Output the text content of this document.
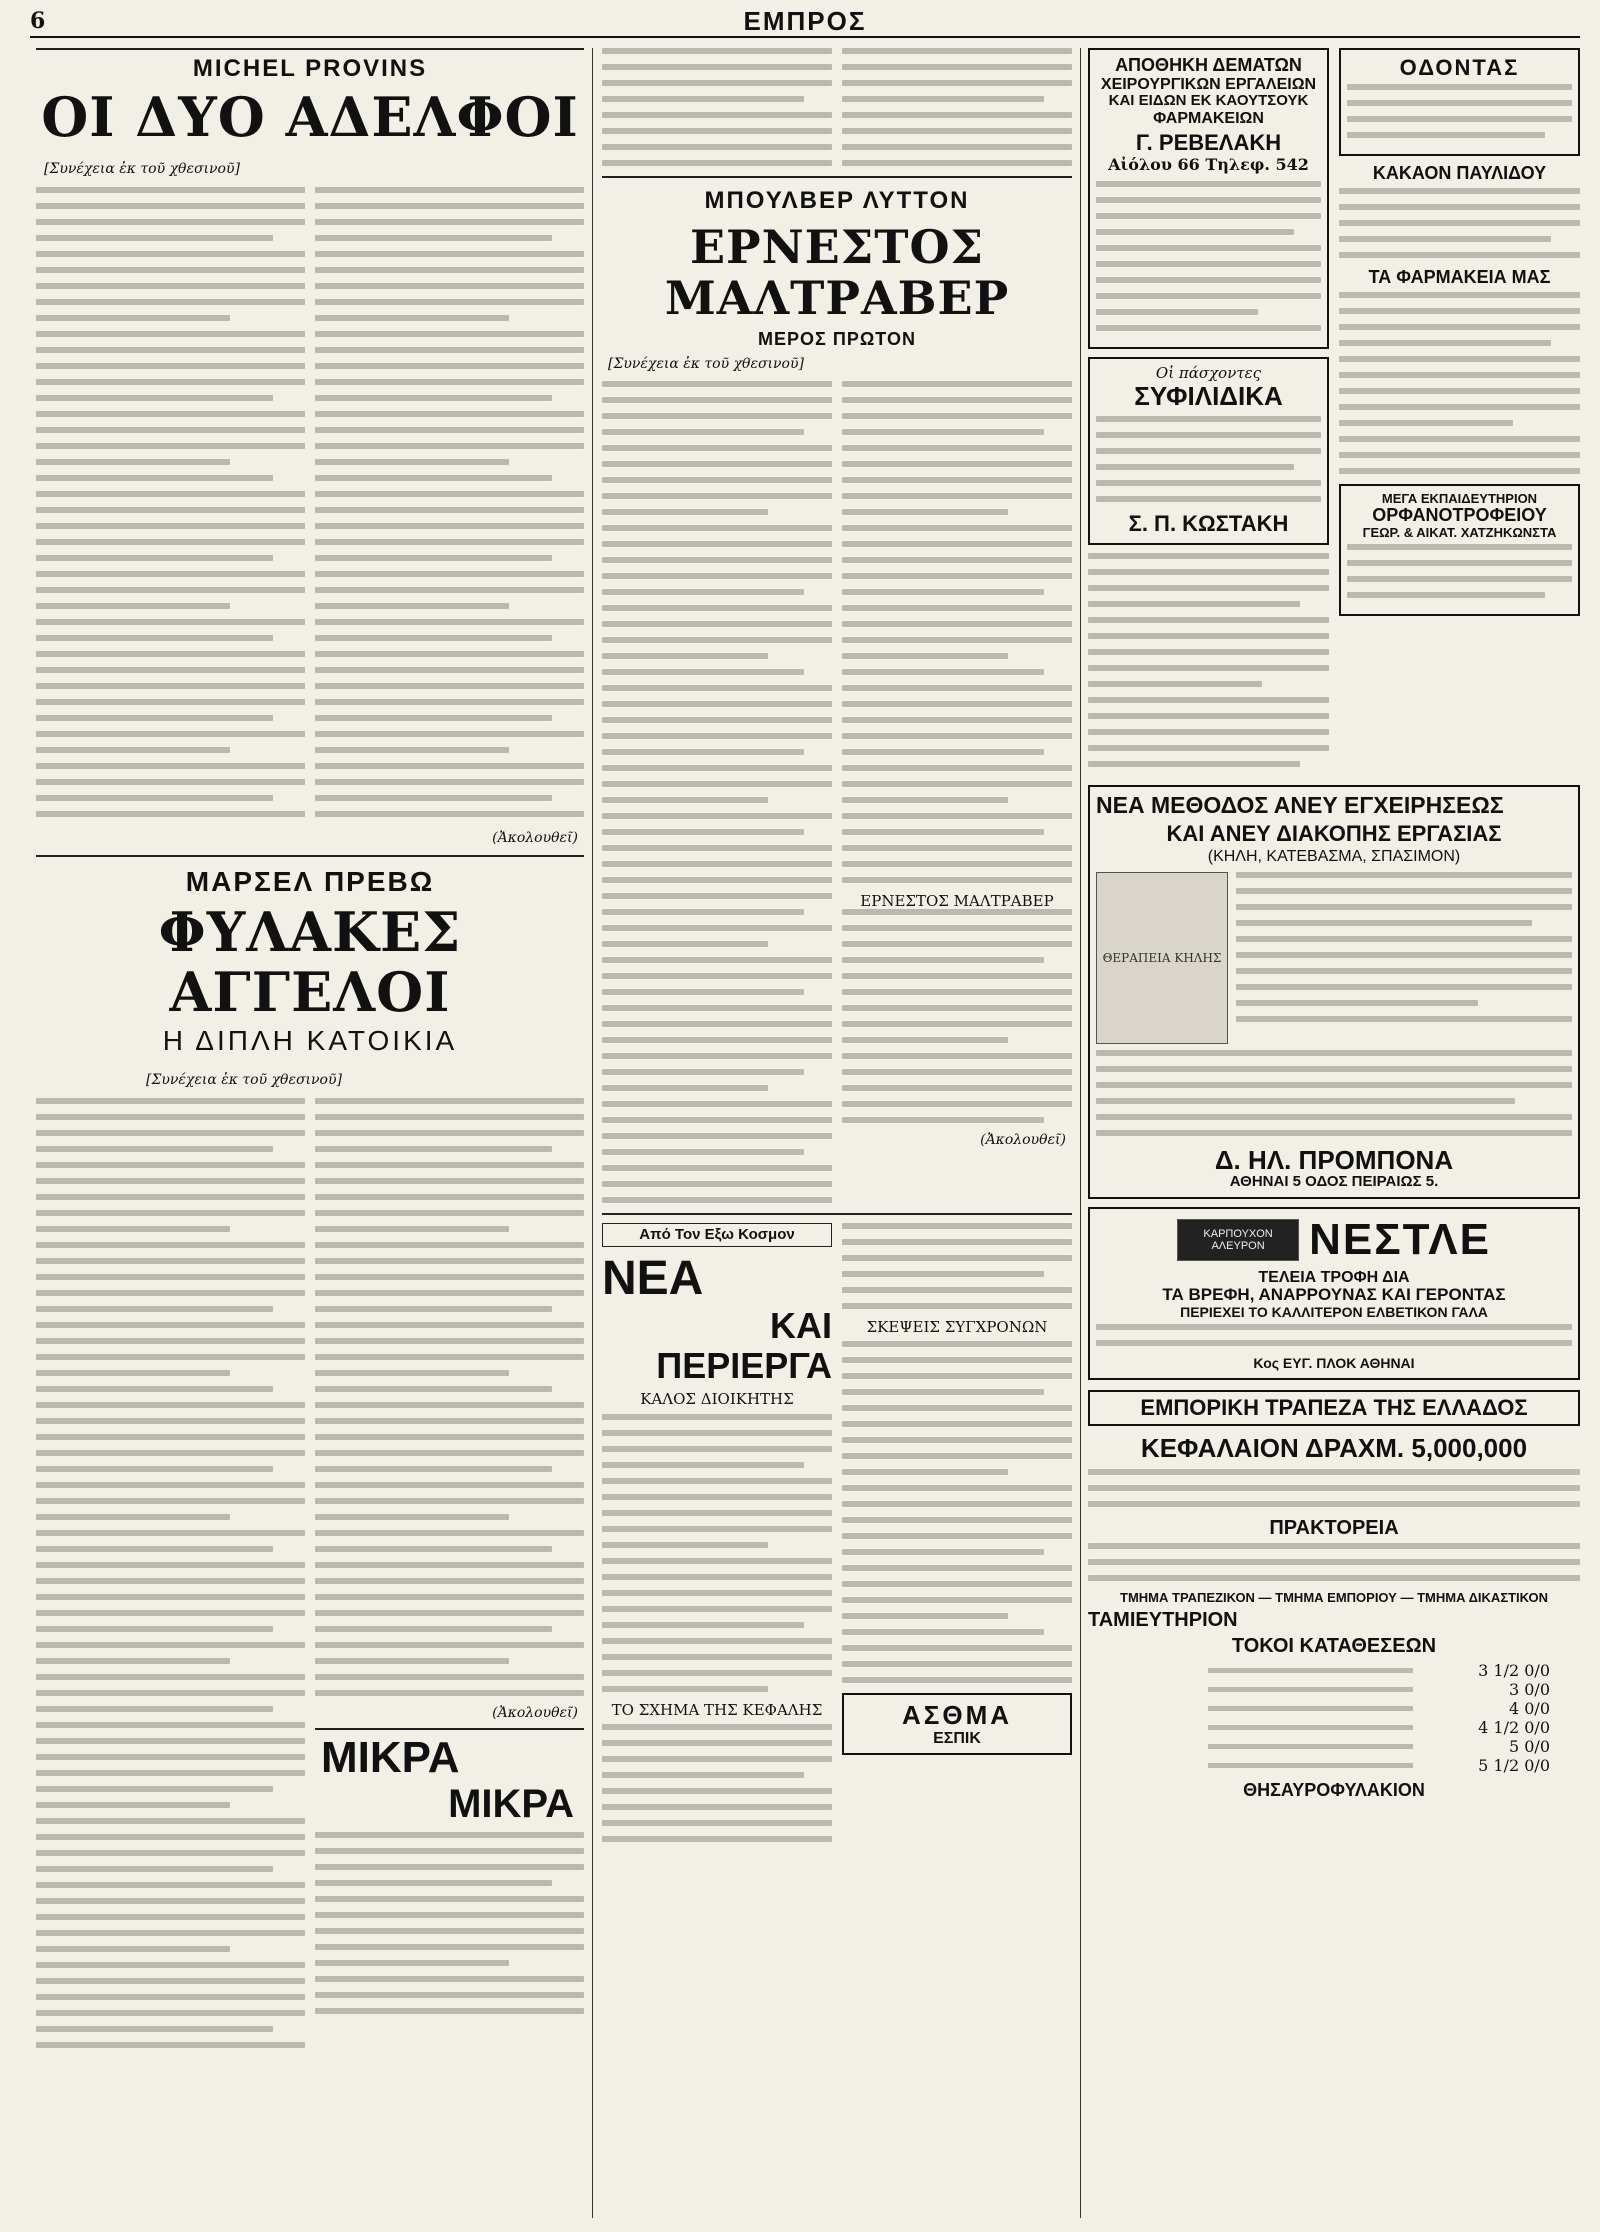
6	ΕΜΠΡΟΣ

MICHEL PROVINS

ΟΙ ΔΥΟ ΑΔΕΛΦΟΙ

[Συνέχεια ἐκ τοῦ χθεσινοῦ]

(Ἀκολουθεῖ)

ΜΑΡΣΕΛ ΠΡΕΒΩ

ΦΥΛΑΚΕΣ ΑΓΓΕΛΟΙ

Η ΔΙΠΛΗ ΚΑΤΟΙΚΙΑ

[Συνέχεια ἐκ τοῦ χθεσινοῦ]

(Ἀκολουθεῖ)

ΜΙΚΡΑ

ΜΙΚΡΑ

ΜΠΟΥΛΒΕΡ ΛΥΤΤΟΝ

ΕΡΝΕΣΤΟΣ ΜΑΛΤΡΑΒΕΡ

ΜΕΡΟΣ ΠΡΩΤΟΝ

[Συνέχεια ἐκ τοῦ χθεσινοῦ]

ΕΡΝΕΣΤΟΣ ΜΑΛΤΡΑΒΕΡ

(Ἀκολουθεῖ)

Από Τον Εξω Κοσμον

ΝΕΑ

ΚΑΙ ΠΕΡΙΕΡΓΑ

ΚΑΛΟΣ ΔΙΟΙΚΗΤΗΣ

ΤΟ ΣΧΗΜΑ ΤΗΣ ΚΕΦΑΛΗΣ

ΣΚΕΨΕΙΣ ΣΥΓΧΡΟΝΩΝ

ΑΣΘΜΑ

ΕΣΠΙΚ

ΑΠΟΘΗΚΗ ΔΕΜΑΤΩΝ

ΧΕΙΡΟΥΡΓΙΚΩΝ ΕΡΓΑΛΕΙΩΝ

ΚΑΙ ΕΙΔΩΝ ΕΚ ΚΑΟΥΤΣΟΥΚ

ΦΑΡΜΑΚΕΙΩΝ

Γ. ΡΕΒΕΛΑΚΗ

Αἰόλου 66 Τηλεφ. 542

Οἱ πάσχοντες

ΣΥΦΙΛΙΔΙΚΑ

Σ. Π. ΚΩΣΤΑΚΗ

ΟΔΟΝΤΑΣ

ΚΑΚΑΟΝ ΠΑΥΛΙΔΟΥ

ΤΑ ΦΑΡΜΑΚΕΙΑ ΜΑΣ

ΜΕΓΑ ΕΚΠΑΙΔΕΥΤΗΡΙΟΝ

ΟΡΦΑΝΟΤΡΟΦΕΙΟΥ

ΓΕΩΡ. & ΑΙΚΑΤ. ΧΑΤΖΗΚΩΝΣΤΑ

ΝΕΑ ΜΕΘΟΔΟΣ ΑΝΕΥ ΕΓΧΕΙΡΗΣΕΩΣ

ΚΑΙ ΑΝΕΥ ΔΙΑΚΟΠΗΣ ΕΡΓΑΣΙΑΣ

(ΚΗΛΗ, ΚΑΤΕΒΑΣΜΑ, ΣΠΑΣΙΜΟΝ)

ΘΕΡΑΠΕΙΑ ΚΗΛΗΣ

Δ. ΗΛ. ΠΡΟΜΠΟΝΑ

ΑΘΗΝΑΙ 5 ΟΔΟΣ ΠΕΙΡΑΙΩΣ 5.

ΚΑΡΠΟΥΧΟΝ ΑΛΕΥΡΟΝ	ΝΕΣΤΛΕ

ΤΕΛΕΙΑ ΤΡΟΦΗ ΔΙΑ

ΤΑ ΒΡΕΦΗ, ΑΝΑΡΡΟΥΝΑΣ ΚΑΙ ΓΕΡΟΝΤΑΣ

ΠΕΡΙΕΧΕΙ ΤΟ ΚΑΛΛΙΤΕΡΟΝ ΕΛΒΕΤΙΚΟΝ ΓΑΛΑ

Κος ΕΥΓ. ΠΛΟΚ ΑΘΗΝΑΙ

ΕΜΠΟΡΙΚΗ ΤΡΑΠΕΖΑ ΤΗΣ ΕΛΛΑΔΟΣ

ΚΕΦΑΛΑΙΟΝ ΔΡΑΧΜ. 5,000,000

ΠΡΑΚΤΟΡΕΙΑ

ΤΜΗΜΑ ΤΡΑΠΕΖΙΚΟΝ — ΤΜΗΜΑ ΕΜΠΟΡΙΟΥ — ΤΜΗΜΑ ΔΙΚΑΣΤΙΚΟΝ

ΤΑΜΙΕΥΤΗΡΙΟΝ

ΤΟΚΟΙ ΚΑΤΑΘΕΣΕΩΝ

3 1/2 0/0
3 0/0
4 0/0
4 1/2 0/0
5 0/0
5 1/2 0/0

ΘΗΣΑΥΡΟΦΥΛΑΚΙΟΝ
